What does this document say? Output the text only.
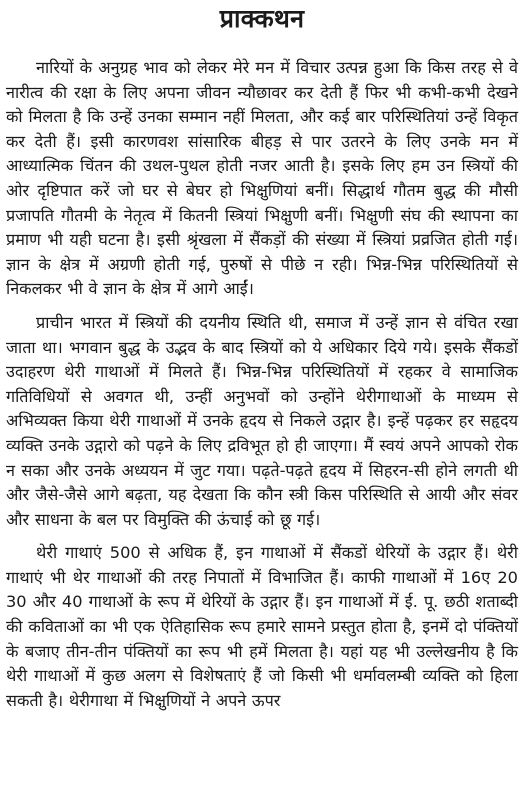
प्राक्कथन

नारियों के अनुग्रह भाव को लेकर मेरे मन में विचार उत्पन्न हुआ कि किस तरह से वे नारीत्व की रक्षा के लिए अपना जीवन न्यौछावर कर देती हैं फिर भी कभी-कभी देखने को मिलता है कि उन्हें उनका सम्मान नहीं मिलता, और कई बार परिस्थितियां उन्हें विकृत कर देती हैं। इसी कारणवश सांसारिक बीहड़ से पार उतरने के लिए उनके मन में आध्यात्मिक चिंतन की उथल-पुथल होती नजर आती है। इसके लिए हम उन स्त्रियों की ओर दृष्टिपात करें जो घर से बेघर हो भिक्षुणियां बनीं। सिद्धार्थ गौतम बुद्ध की मौसी प्रजापति गौतमी के नेतृत्व में कितनी स्त्रियां भिक्षुणी बनीं। भिक्षुणी संघ की स्थापना का प्रमाण भी यही घटना है। इसी श्रृंखला में सैंकड़ों की संख्या में स्त्रियां प्रव्रजित होती गई। ज्ञान के क्षेत्र में अग्रणी होती गई, पुरुषों से पीछे न रही। भिन्न-भिन्न परिस्थितियों से निकलकर भी वे ज्ञान के क्षेत्र में आगे आईं।

प्राचीन भारत में स्त्रियों की दयनीय स्थिति थी, समाज में उन्हें ज्ञान से वंचित रखा जाता था। भगवान बुद्ध के उद्भव के बाद स्त्रियों को ये अधिकार दिये गये। इसके सैंकडों उदाहरण थेरी गाथाओं में मिलते हैं। भिन्न-भिन्न परिस्थितियों में रहकर वे सामाजिक गतिविधियों से अवगत थी, उन्हीं अनुभवों को उन्होंने थेरीगाथाओं के माध्यम से अभिव्यक्त किया थेरी गाथाओं में उनके हृदय से निकले उद्गार है। इन्हें पढ़कर हर सहृदय व्यक्ति उनके उद्गारो को पढ़ने के लिए द्रविभूत हो ही जाएगा। मैं स्वयं अपने आपको रोक न सका और उनके अध्ययन में जुट गया। पढ़ते-पढ़ते हृदय में सिहरन-सी होने लगती थी और जैसे-जैसे आगे बढ़ता, यह देखता कि कौन स्त्री किस परिस्थिति से आयी और संवर और साधना के बल पर विमुक्ति की ऊंचाई को छू गई।

थेरी गाथाएं 500 से अधिक हैं, इन गाथाओं में सैंकडों थेरियों के उद्गार हैं। थेरी गाथाएं भी थेर गाथाओं की तरह निपातों में विभाजित हैं। काफी गाथाओं में 16ए 20 30 और 40 गाथाओं के रूप में थेरियों के उद्गार हैं। इन गाथाओं में ई. पू. छठी शताब्दी की कविताओं का भी एक ऐतिहासिक रूप हमारे सामने प्रस्तुत होता है, इनमें दो पंक्तियों के बजाए तीन-तीन पंक्तियों का रूप भी हमें मिलता है। यहां यह भी उल्लेखनीय है कि थेरी गाथाओं में कुछ अलग से विशेषताएं हैं जो किसी भी धर्मावलम्बी व्यक्ति को हिला सकती है। थेरीगाथा में भिक्षुणियों ने अपने ऊपर
